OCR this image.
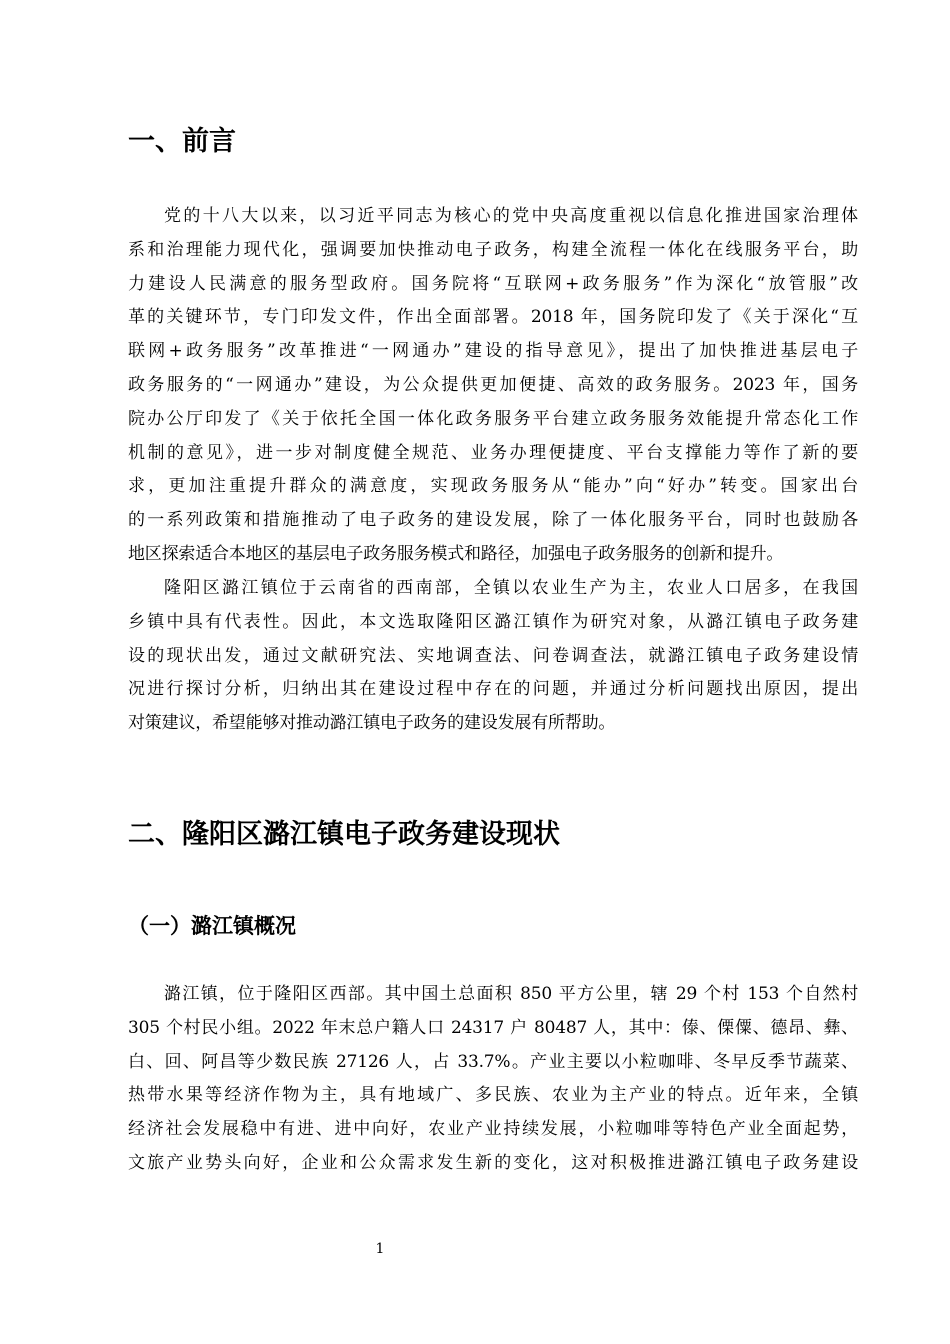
一、前言
党的十八大以来，以习近平同志为核心的党中央高度重视以信息化推进国家治理体
系和治理能力现代化，强调要加快推动电子政务，构建全流程一体化在线服务平台，助
力建设人民满意的服务型政府。国务院将“互联网+政务服务”作为深化“放管服”改
革的关键环节，专门印发文件，作出全面部署。2018 年，国务院印发了《关于深化“互
联网+政务服务”改革推进“一网通办”建设的指导意见》，提出了加快推进基层电子
政务服务的“一网通办”建设，为公众提供更加便捷、高效的政务服务。2023 年，国务
院办公厅印发了《关于依托全国一体化政务服务平台建立政务服务效能提升常态化工作
机制的意见》，进一步对制度健全规范、业务办理便捷度、平台支撑能力等作了新的要
求，更加注重提升群众的满意度，实现政务服务从“能办”向“好办”转变。国家出台
的一系列政策和措施推动了电子政务的建设发展，除了一体化服务平台，同时也鼓励各
地区探索适合本地区的基层电子政务服务模式和路径，加强电子政务服务的创新和提升。
隆阳区潞江镇位于云南省的西南部，全镇以农业生产为主，农业人口居多，在我国
乡镇中具有代表性。因此，本文选取隆阳区潞江镇作为研究对象，从潞江镇电子政务建
设的现状出发，通过文献研究法、实地调查法、问卷调查法，就潞江镇电子政务建设情
况进行探讨分析，归纳出其在建设过程中存在的问题，并通过分析问题找出原因，提出
对策建议，希望能够对推动潞江镇电子政务的建设发展有所帮助。
二、隆阳区潞江镇电子政务建设现状
（一）潞江镇概况
潞江镇，位于隆阳区西部。其中国土总面积 850 平方公里，辖 29 个村 153 个自然村
305 个村民小组。2022 年末总户籍人口 24317 户 80487 人，其中：傣、傈僳、德昂、彝、
白、回、阿昌等少数民族 27126 人，占 33.7%。产业主要以小粒咖啡、冬早反季节蔬菜、
热带水果等经济作物为主，具有地域广、多民族、农业为主产业的特点。近年来，全镇
经济社会发展稳中有进、进中向好，农业产业持续发展，小粒咖啡等特色产业全面起势，
文旅产业势头向好，企业和公众需求发生新的变化，这对积极推进潞江镇电子政务建设
1
